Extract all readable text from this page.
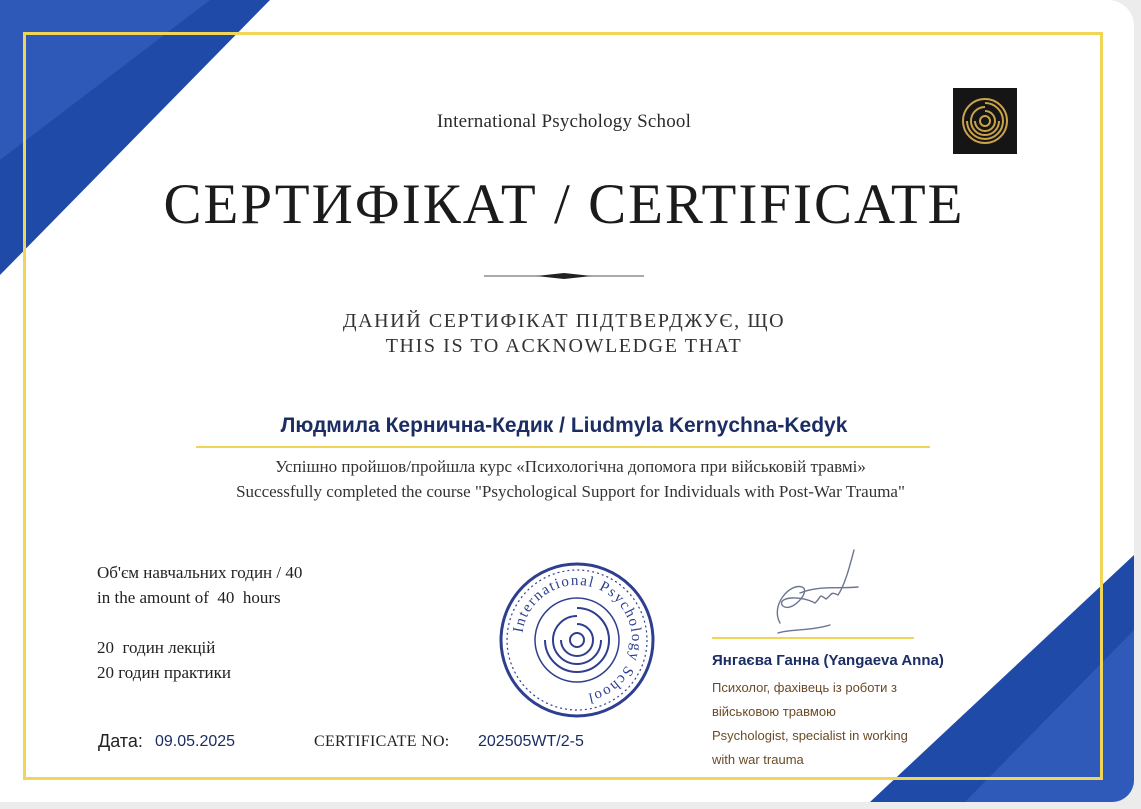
International Psychology School
СЕРТИФІКАТ / CERTIFICATE
ДАНИЙ СЕРТИФІКАТ ПІДТВЕРДЖУЄ, ЩО
THIS IS TO ACKNOWLEDGE THAT
Людмила Кернична-Кедик / Liudmyla Kernychna-Kedyk
Успішно пройшов/пройшла курс «Психологічна допомога при військовій травмі»
Successfully completed the course "Psychological Support for Individuals with Post-War Trauma"
Об'єм навчальних годин / 40
in the amount of  40  hours
20  годин лекцій
20 годин практики
Дата: 09.05.2025	CERTIFICATE NO: 202505WT/2-5
International Psychology School
Янгаєва Ганна (Yangaeva Anna)
Психолог, фахівець із роботи з
військовою травмою
Psychologist, specialist in working
with war trauma
